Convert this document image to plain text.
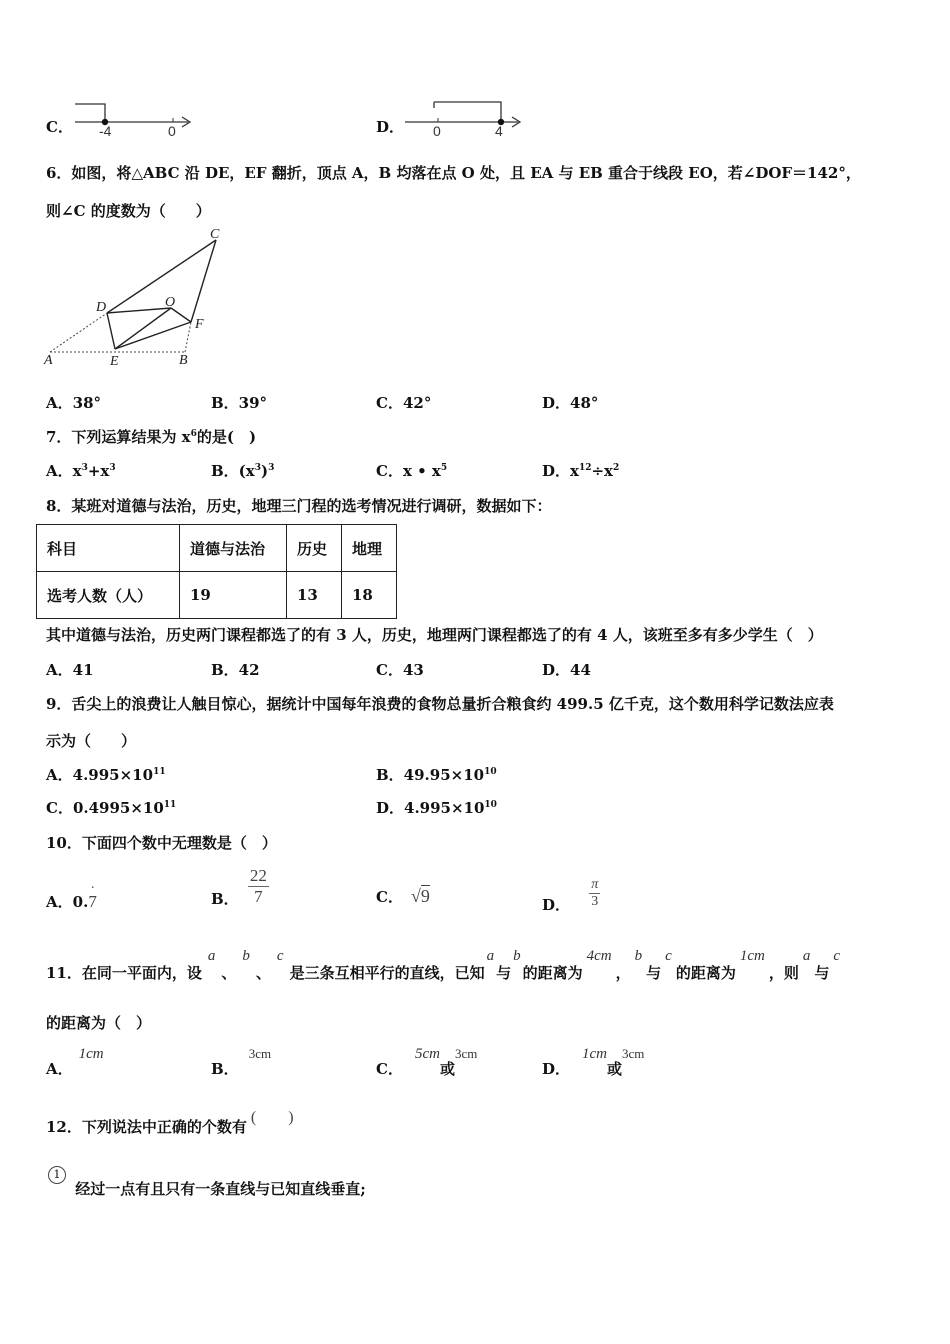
C． -4	0	D． 0	4
6．如图，将△ABC 沿 DE，EF 翻折，顶点 A，B 均落在点 O 处，且 EA 与 EB 重合于线段 EO，若∠DOF＝142°，
则∠C 的度数为（　　）
C
D	O
F
A	E	B
A．38°	B．39°	C．42°	D．48°
7．下列运算结果为 $x^6$的是(　)
A．$x^3+x^3$	B．$(x^3)^3$	C．x • $x^5$	D．$x^{12}\div x^2$
8．某班对道德与法治，历史，地理三门程的选考情况进行调研，数据如下：
科目	道德与法治	历史	地理
选考人数（人）	19	13	18
其中道德与法治，历史两门课程都选了的有 3 人，历史，地理两门课程都选了的有 4 人，该班至多有多少学生（　）
A．41	B．42	C．43	D．44
9．舌尖上的浪费让人触目惊心，据统计中国每年浪费的食物总量折合粮食约 499.5 亿千克，这个数用科学记数法应表
示为（　　）
A．$4.995\times 10^{11}$	B．$49.95\times 10^{10}$
C．$0.4995\times 10^{11}$	D．$4.995\times 10^{10}$
10．下面四个数中无理数是（　）
A．0.7
·
B． $\frac{22}{7}$	C． √9	D． $\frac{\pi}{3}$
11．在同一平面内，设a、b、c是三条互相平行的直线，已知a与b的距离为4cm，b与c的距离为1cm，则a与c
的距离为（　）
A．1cm
B．3cm
C．5cm或3cm
D．1cm或3cm
12．下列说法中正确的个数有(　　)
1 经过一点有且只有一条直线与已知直线垂直;
